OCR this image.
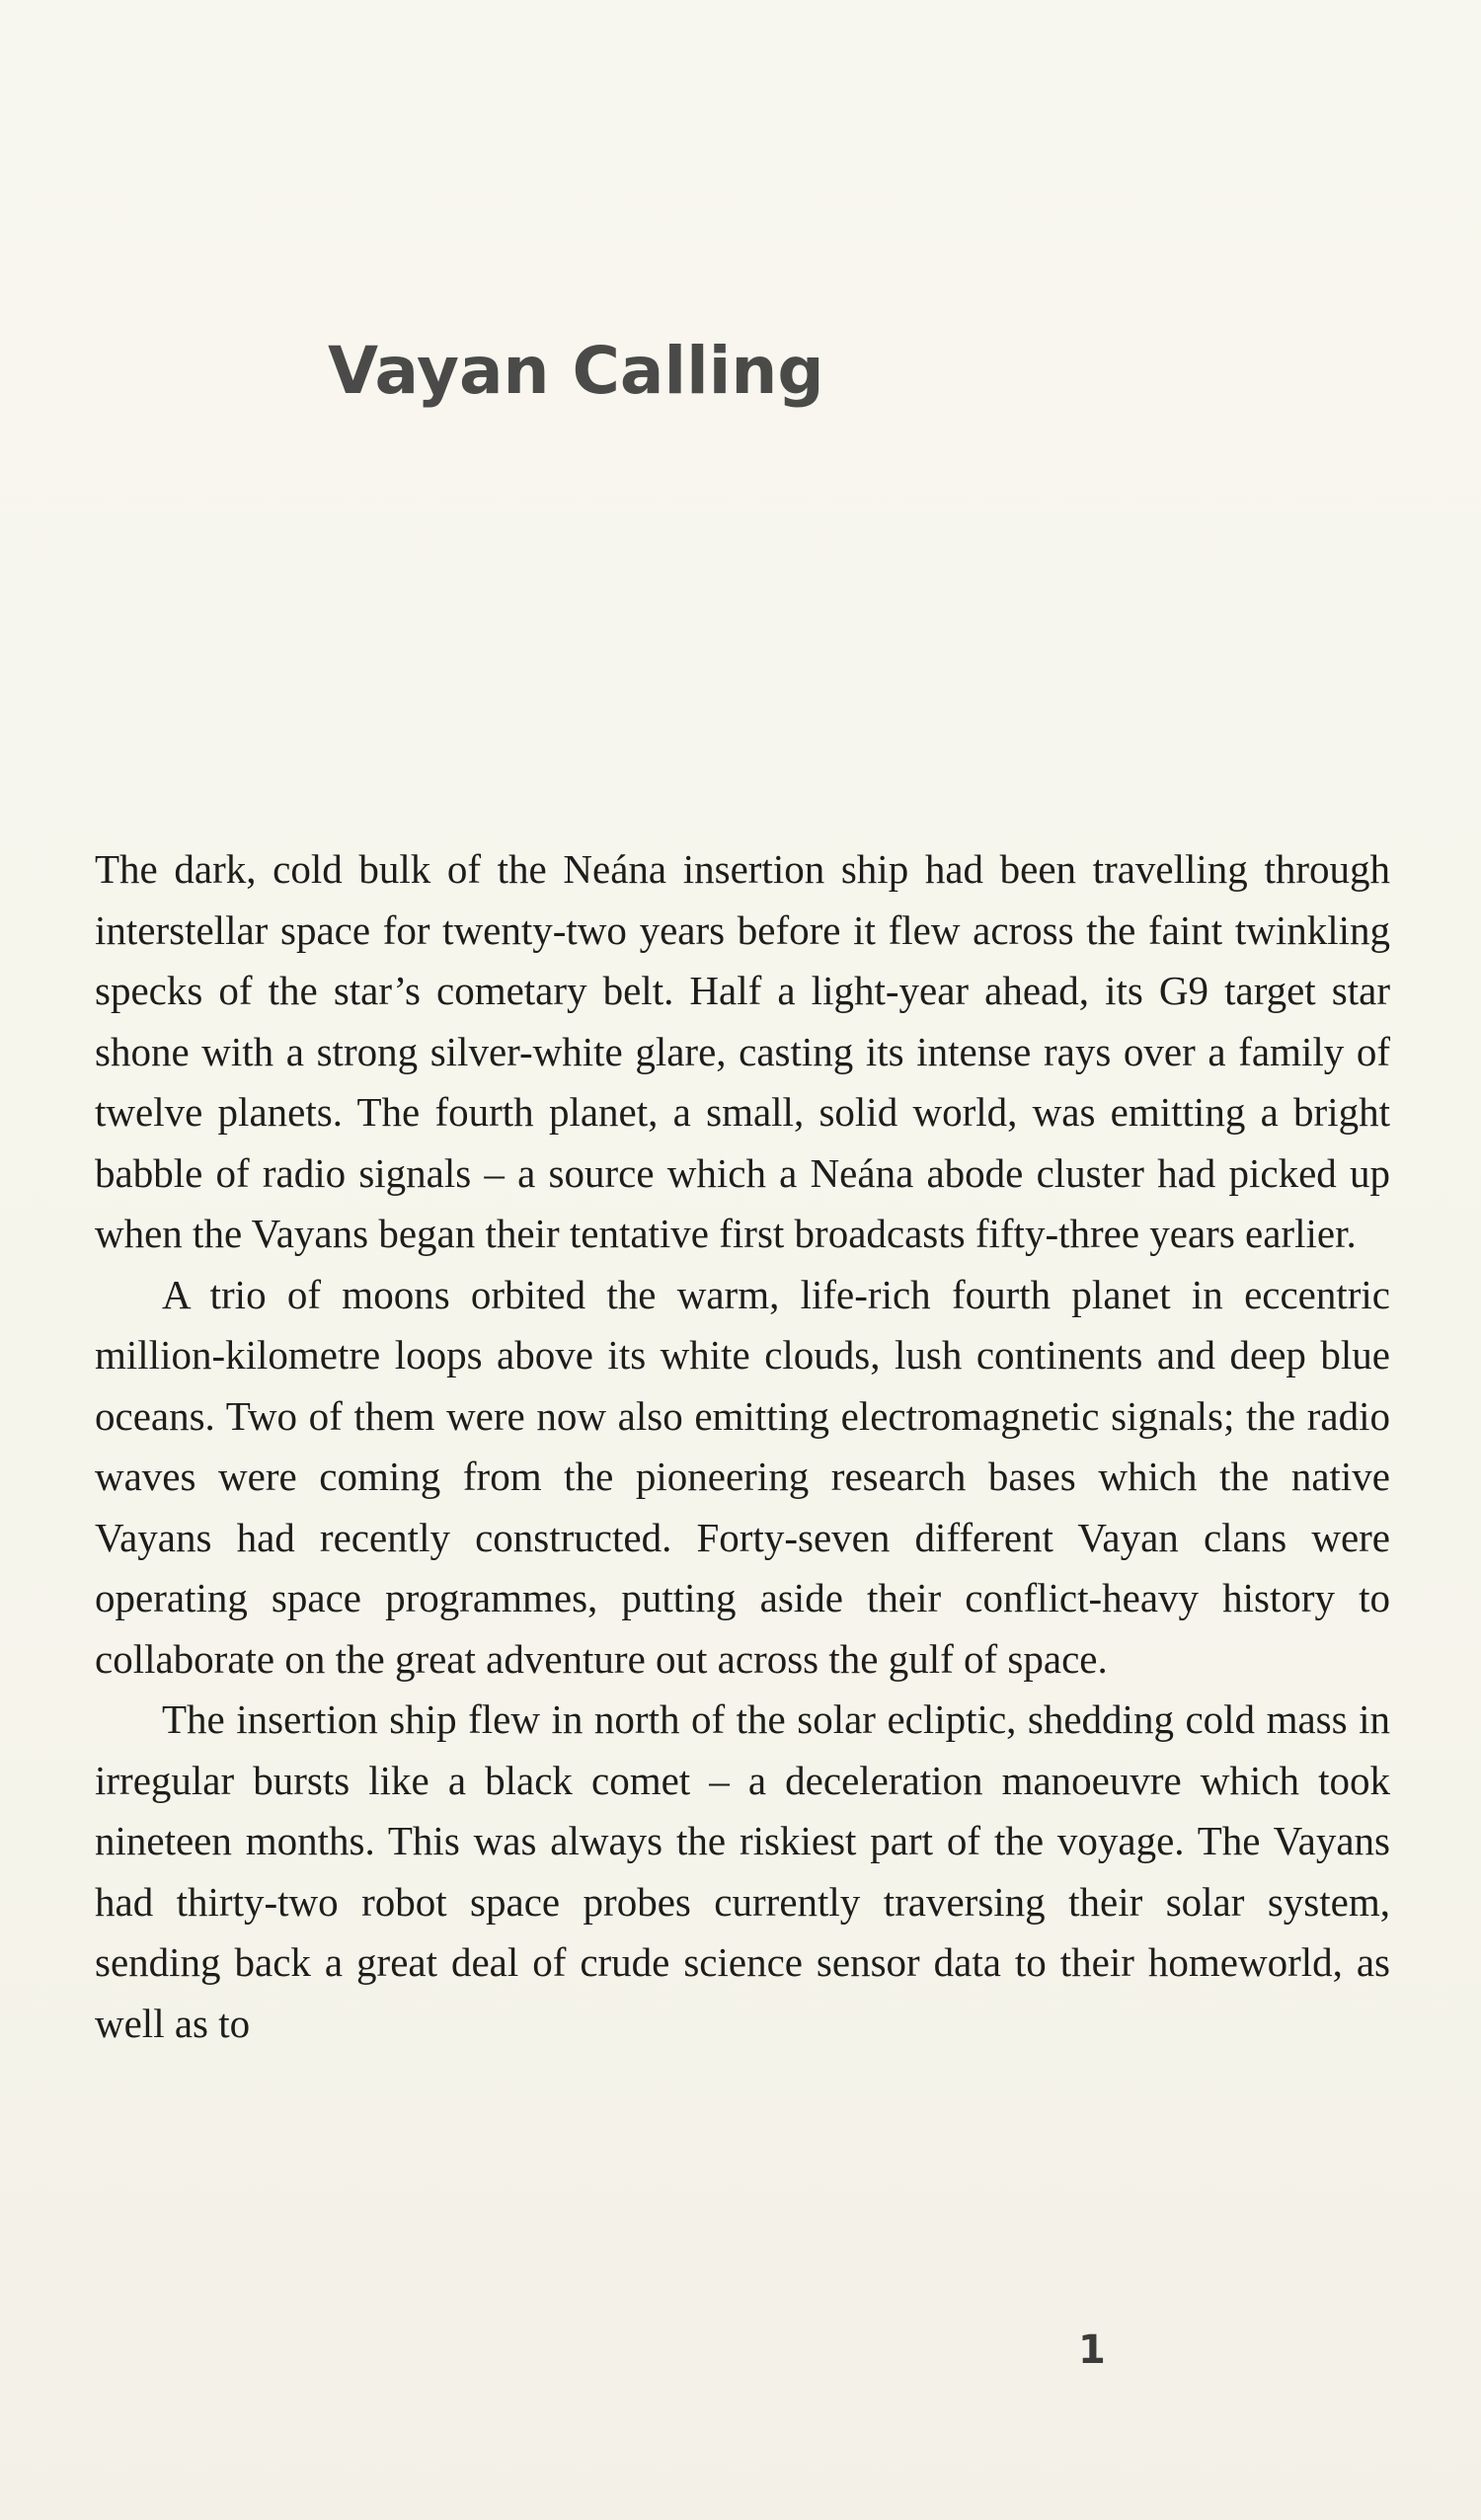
Vayan Calling

The dark, cold bulk of the Neána insertion ship had been travelling through interstellar space for twenty-two years before it flew across the faint twinkling specks of the star’s cometary belt. Half a light-year ahead, its G9 target star shone with a strong silver-white glare, casting its intense rays over a family of twelve planets. The fourth planet, a small, solid world, was emitting a bright babble of radio signals – a source which a Neána abode cluster had picked up when the Vayans began their tentative first broadcasts fifty-three years earlier.

A trio of moons orbited the warm, life-rich fourth planet in eccentric million-kilometre loops above its white clouds, lush continents and deep blue oceans. Two of them were now also emitting electromagnetic signals; the radio waves were coming from the pioneering research bases which the native Vayans had recently constructed. Forty-seven different Vayan clans were operating space programmes, putting aside their conflict-heavy history to collaborate on the great adventure out across the gulf of space.

The insertion ship flew in north of the solar ecliptic, shedding cold mass in irregular bursts like a black comet – a deceleration manoeuvre which took nineteen months. This was always the riskiest part of the voyage. The Vayans had thirty-two robot space probes currently traversing their solar system, sending back a great deal of crude science sensor data to their homeworld, as well as to

1
